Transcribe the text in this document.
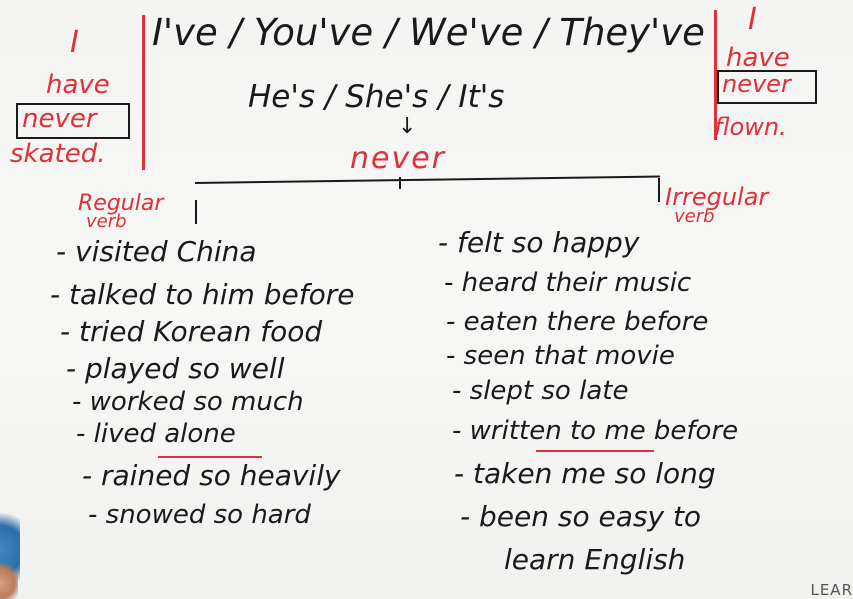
I
have
never
skated.
I
have
never
flown.
I've / You've / We've / They've
He's / She's / It's
↓
never
Regular
verb
Irregular
verb
- visited China
- talked to him before
- tried Korean food
- played so well
- worked so much
- lived alone
- rained so heavily
- snowed so hard
- felt so happy
- heard their music
- eaten there before
- seen that movie
- slept so late
- written to me before
- taken me so long
- been so easy to
learn English
LEAR
